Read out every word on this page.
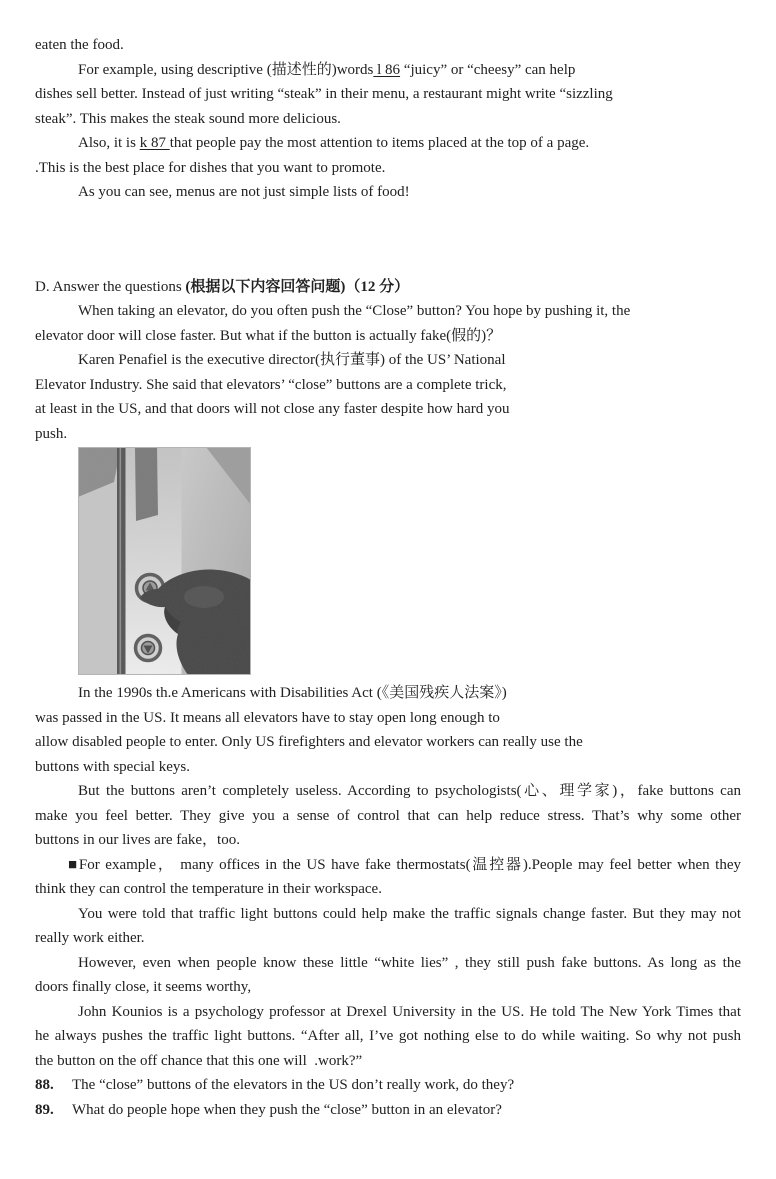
eaten the food.
For example, using descriptive (描述性的)words l 86 “juicy” or “cheesy” can help
dishes sell better. Instead of just writing “steak” in their menu, a restaurant might write “sizzling
steak”. This makes the steak sound more delicious.
Also, it is k 87 that people pay the most attention to items placed at the top of a page.
.This is the best place for dishes that you want to promote.
As you can see, menus are not just simple lists of food!
D. Answer the questions (根据以下内容回答问题)（12 分）
When taking an elevator, do you often push the “Close” button? You hope by pushing it, the
elevator door will close faster. But what if the button is actually fake(假的)？
Karen Penafiel is the executive director(执行董事) of the US’ National
Elevator Industry. She said that elevators’ “close” buttons are a complete trick,
at least in the US, and that doors will not close any faster despite how hard you
push.
In the 1990s th.e Americans with Disabilities Act (《美国残疾人法案》)
was passed in the US. It means all elevators have to stay open long enough to
allow disabled people to enter. Only US firefighters and elevator workers can really use the
buttons with special keys.
But the buttons aren’t completely useless. According to psychologists(心、理学家)，fake buttons can
make you feel better. They give you a sense of control that can help reduce stress. That’s why some other
buttons in our lives are fake，too.
■For example， many offices in the US have fake thermostats(温控器).People may feel better when they
think they can control the temperature in their workspace.
You were told that traffic light buttons could help make the traffic signals change faster. But they may not
really work either.
However, even when people know these little “white lies” , they still push fake buttons. As long as the
doors finally close, it seems worthy,
John Kounios is a psychology professor at Drexel University in the US. He told The New York Times that
he always pushes the traffic light buttons. “After all, I’ve got nothing else to do while waiting. So why not push
the button on the off chance that this one will  .work?”
88. The “close” buttons of the elevators in the US don’t really work, do they?
89. What do people hope when they push the “close” button in an elevator?
